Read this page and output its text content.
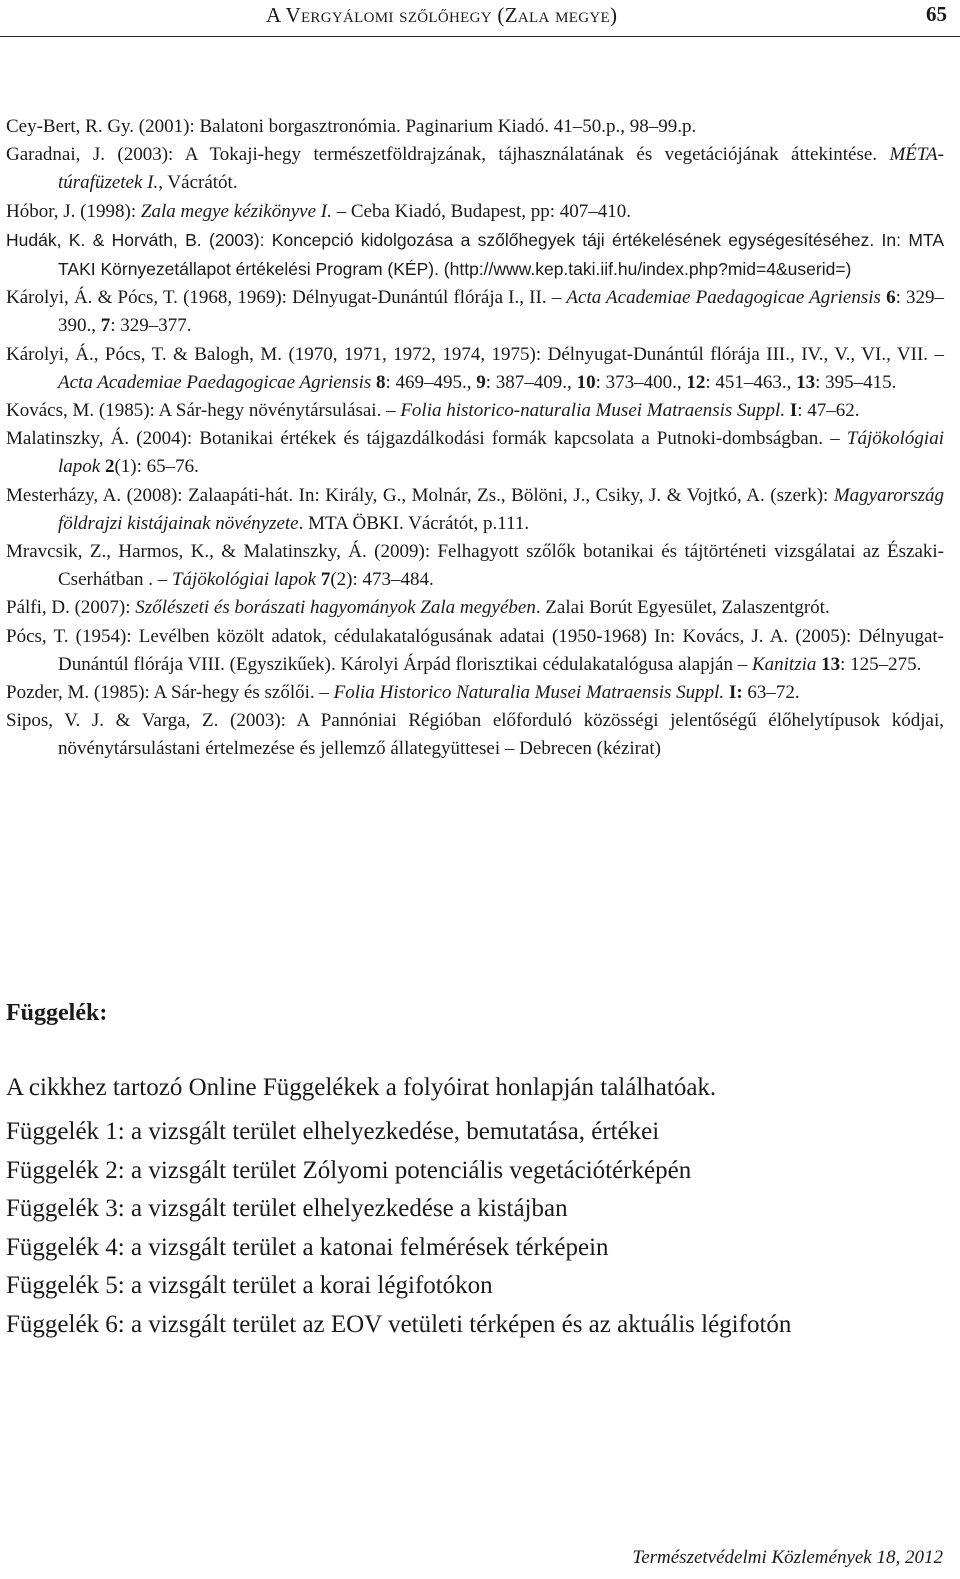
A Vergyálomi szőlőhegy (Zala megye)	65
Cey-Bert, R. Gy. (2001): Balatoni borgasztronómia. Paginarium Kiadó. 41–50.p., 98–99.p.
Garadnai, J. (2003): A Tokaji-hegy természetföldrajzának, tájhasználatának és vegetációjának áttekintése. MÉTA-túrafüzetek I., Vácrátót.
Hóbor, J. (1998): Zala megye kézikönyve I. – Ceba Kiadó, Budapest, pp: 407–410.
Hudák, K. & Horváth, B. (2003): Koncepció kidolgozása a szőlőhegyek táji értékelésének egységesítéséhez. In: MTA TAKI Környezetállapot értékelési Program (KÉP). (http://www.kep.taki.iif.hu/index.php?mid=4&userid=)
Károlyi, Á. & Pócs, T. (1968, 1969): Délnyugat-Dunántúl flórája I., II. – Acta Academiae Paedagogicae Agriensis 6: 329–390., 7: 329–377.
Károlyi, Á., Pócs, T. & Balogh, M. (1970, 1971, 1972, 1974, 1975): Délnyugat-Dunántúl flórája III., IV., V., VI., VII. – Acta Academiae Paedagogicae Agriensis 8: 469–495., 9: 387–409., 10: 373–400., 12: 451–463., 13: 395–415.
Kovács, M. (1985): A Sár-hegy növénytársulásai. – Folia historico-naturalia Musei Matraensis Suppl. I: 47–62.
Malatinszky, Á. (2004): Botanikai értékek és tájgazdálkodási formák kapcsolata a Putnoki-dombságban. – Tájökológiai lapok 2(1): 65–76.
Mesterházy, A. (2008): Zalaapáti-hát. In: Király, G., Molnár, Zs., Bölöni, J., Csiky, J. & Vojtkó, A. (szerk): Magyarország földrajzi kistájainak növényzete. MTA ÖBKI. Vácrátót, p.111.
Mravcsik, Z., Harmos, K., & Malatinszky, Á. (2009): Felhagyott szőlők botanikai és tájtörténeti vizsgálatai az Északi-Cserhátban . – Tájökológiai lapok 7(2): 473–484.
Pálfi, D. (2007): Szőlészeti és borászati hagyományok Zala megyében. Zalai Borút Egyesület, Zalaszentgrót.
Pócs, T. (1954): Levélben közölt adatok, cédulakatalógusának adatai (1950-1968) In: Kovács, J. A. (2005): Délnyugat-Dunántúl flórája VIII. (Egyszikűek). Károlyi Árpád florisztikai cédulakatalógusa alapján – Kanitzia 13: 125–275.
Pozder, M. (1985): A Sár-hegy és szőlői. – Folia Historico Naturalia Musei Matraensis Suppl. I: 63–72.
Sipos, V. J. & Varga, Z. (2003): A Pannóniai Régióban előforduló közösségi jelentőségű élőhelytípusok kódjai, növénytársulástani értelmezése és jellemző állategyüttesei – Debrecen (kézirat)
Függelék:
A cikkhez tartozó Online Függelékek a folyóirat honlapján találhatóak.
Függelék 1: a vizsgált terület elhelyezkedése, bemutatása, értékei
Függelék 2: a vizsgált terület Zólyomi potenciális vegetációtérképén
Függelék 3: a vizsgált terület elhelyezkedése a kistájban
Függelék 4: a vizsgált terület a katonai felmérések térképein
Függelék 5: a vizsgált terület a korai légifotókon
Függelék 6: a vizsgált terület az EOV vetületi térképen és az aktuális légifotón
Természetvédelmi Közlemények 18, 2012
